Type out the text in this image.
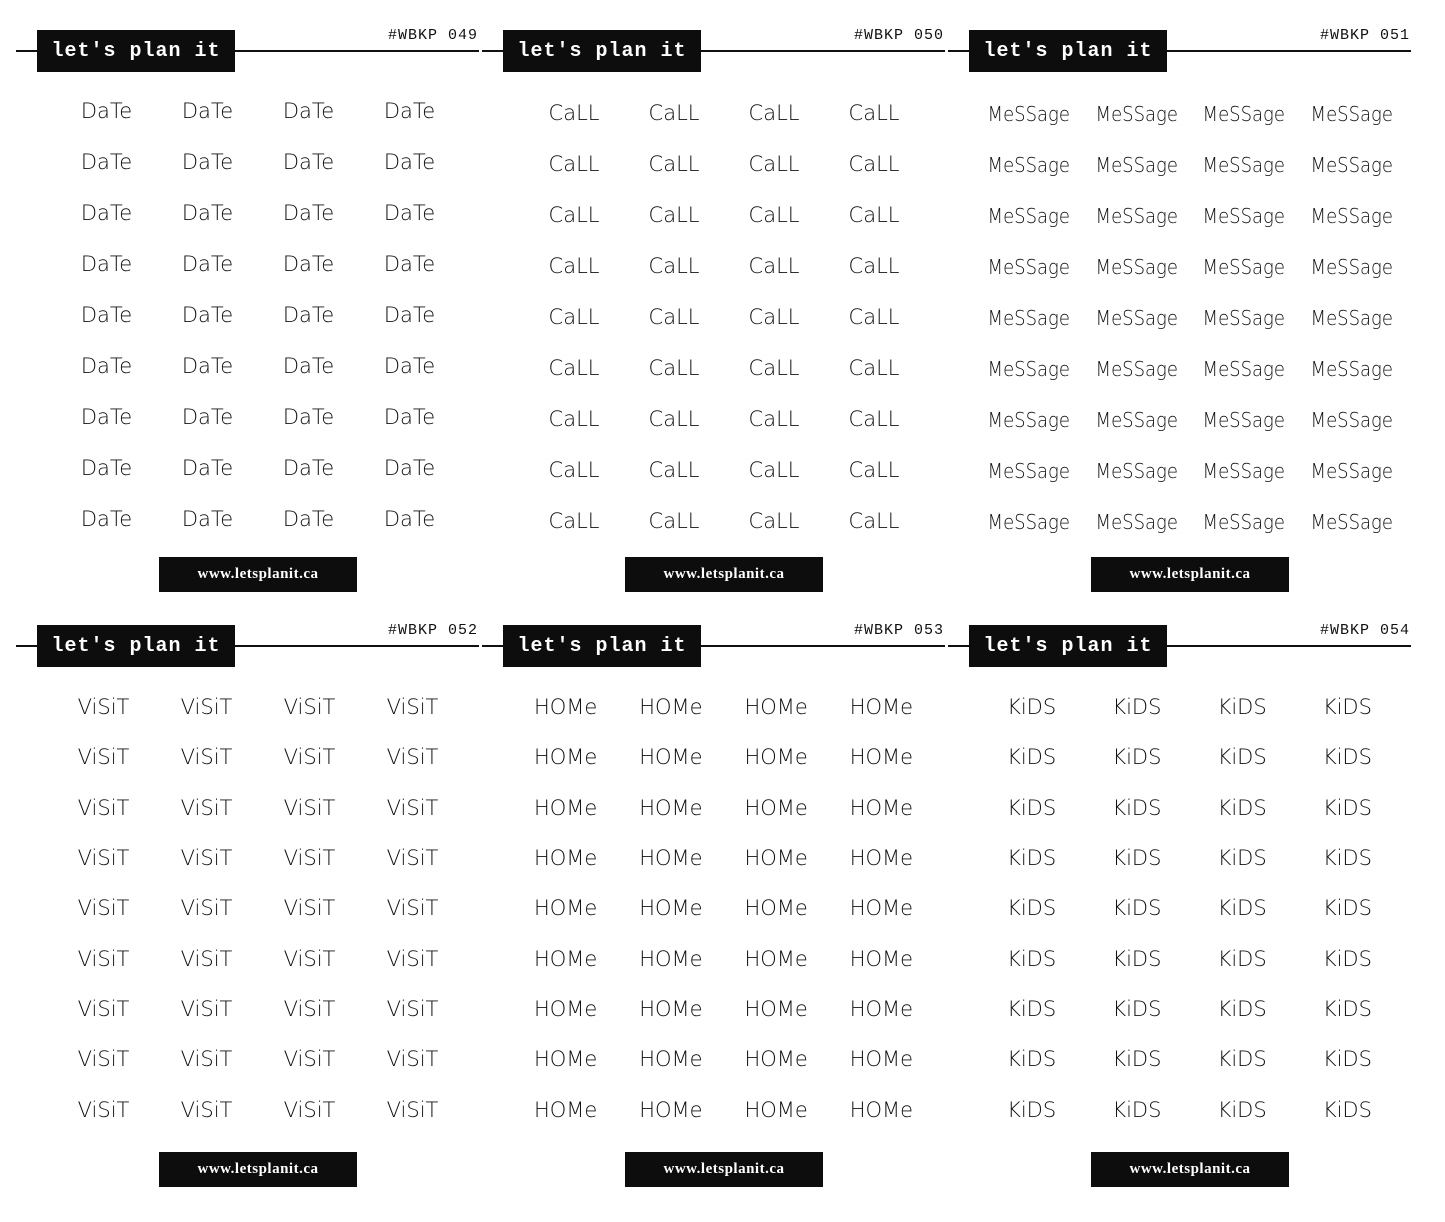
let's plan it
#WBKP 049
DaTe	DaTe	DaTe	DaTe
DaTe	DaTe	DaTe	DaTe
DaTe	DaTe	DaTe	DaTe
DaTe	DaTe	DaTe	DaTe
DaTe	DaTe	DaTe	DaTe
DaTe	DaTe	DaTe	DaTe
DaTe	DaTe	DaTe	DaTe
DaTe	DaTe	DaTe	DaTe
DaTe	DaTe	DaTe	DaTe
www.letsplanit.ca
let's plan it
#WBKP 050
CaLL	CaLL	CaLL	CaLL
CaLL	CaLL	CaLL	CaLL
CaLL	CaLL	CaLL	CaLL
CaLL	CaLL	CaLL	CaLL
CaLL	CaLL	CaLL	CaLL
CaLL	CaLL	CaLL	CaLL
CaLL	CaLL	CaLL	CaLL
CaLL	CaLL	CaLL	CaLL
CaLL	CaLL	CaLL	CaLL
www.letsplanit.ca
let's plan it
#WBKP 051
MeSSage	MeSSage	MeSSage	MeSSage
MeSSage	MeSSage	MeSSage	MeSSage
MeSSage	MeSSage	MeSSage	MeSSage
MeSSage	MeSSage	MeSSage	MeSSage
MeSSage	MeSSage	MeSSage	MeSSage
MeSSage	MeSSage	MeSSage	MeSSage
MeSSage	MeSSage	MeSSage	MeSSage
MeSSage	MeSSage	MeSSage	MeSSage
MeSSage	MeSSage	MeSSage	MeSSage
www.letsplanit.ca
let's plan it
#WBKP 052
ViSiT	ViSiT	ViSiT	ViSiT
ViSiT	ViSiT	ViSiT	ViSiT
ViSiT	ViSiT	ViSiT	ViSiT
ViSiT	ViSiT	ViSiT	ViSiT
ViSiT	ViSiT	ViSiT	ViSiT
ViSiT	ViSiT	ViSiT	ViSiT
ViSiT	ViSiT	ViSiT	ViSiT
ViSiT	ViSiT	ViSiT	ViSiT
ViSiT	ViSiT	ViSiT	ViSiT
www.letsplanit.ca
let's plan it
#WBKP 053
HOMe	HOMe	HOMe	HOMe
HOMe	HOMe	HOMe	HOMe
HOMe	HOMe	HOMe	HOMe
HOMe	HOMe	HOMe	HOMe
HOMe	HOMe	HOMe	HOMe
HOMe	HOMe	HOMe	HOMe
HOMe	HOMe	HOMe	HOMe
HOMe	HOMe	HOMe	HOMe
HOMe	HOMe	HOMe	HOMe
www.letsplanit.ca
let's plan it
#WBKP 054
KiDS	KiDS	KiDS	KiDS
KiDS	KiDS	KiDS	KiDS
KiDS	KiDS	KiDS	KiDS
KiDS	KiDS	KiDS	KiDS
KiDS	KiDS	KiDS	KiDS
KiDS	KiDS	KiDS	KiDS
KiDS	KiDS	KiDS	KiDS
KiDS	KiDS	KiDS	KiDS
KiDS	KiDS	KiDS	KiDS
www.letsplanit.ca
